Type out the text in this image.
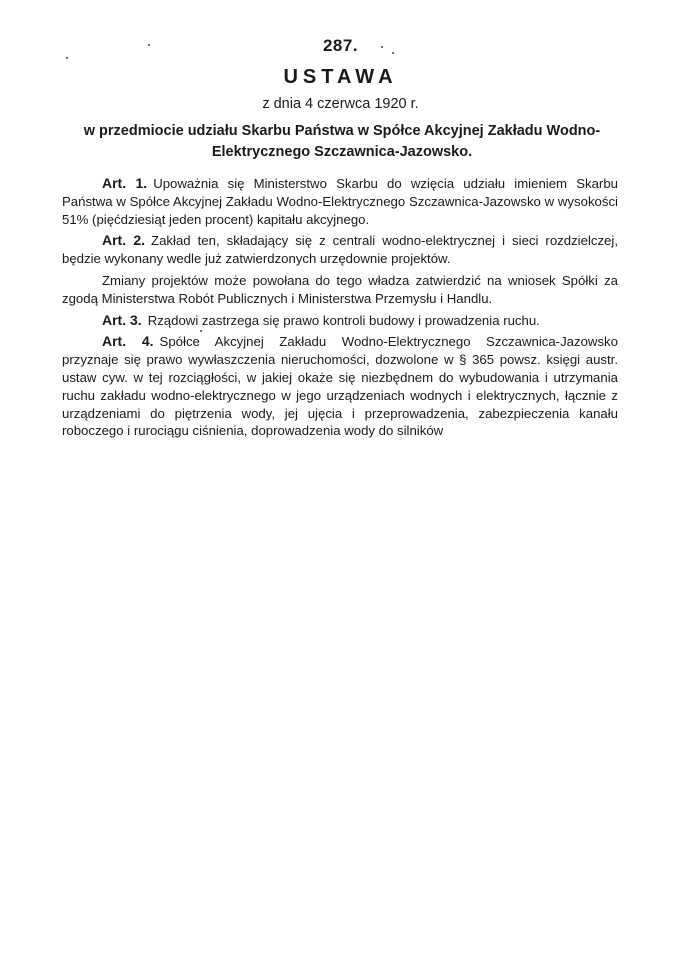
287.
USTAWA
z dnia 4 czerwca 1920 r.
w przedmiocie udziału Skarbu Państwa w Spółce Akcyjnej Zakładu Wodno-Elektrycznego Szczawnica-Jazowsko.

Art. 1. Upoważnia się Ministerstwo Skarbu do wzięcia udziału imieniem Skarbu Państwa w Spółce Akcyjnej Zakładu Wodno-Elektrycznego Szczawnica-Jazowsko w wysokości 51% (pięćdziesiąt jeden procent) kapitału akcyjnego.

Art. 2. Zakład ten, składający się z centrali wodno-elektrycznej i sieci rozdzielczej, będzie wykonany wedle już zatwierdzonych urzędownie projektów.

Zmiany projektów może powołana do tego władza zatwierdzić na wniosek Spółki za zgodą Ministerstwa Robót Publicznych i Ministerstwa Przemysłu i Handlu.

Art. 3. Rządowi zastrzega się prawo kontroli budowy i prowadzenia ruchu.

Art. 4. Spółce Akcyjnej Zakładu Wodno-Elektrycznego Szczawnica-Jazowsko przyznaje się prawo wywłaszczenia nieruchomości, dozwolone w § 365 powsz. księgi austr. ustaw cyw. w tej rozciągłości, w jakiej okaże się niezbędnem do wybudowania i utrzymania ruchu zakładu wodno-elektrycznego w jego urządzeniach wodnych i elektrycznych, łącznie z urządzeniami do piętrzenia wody, jej ujęcia i przeprowadzenia, zabezpieczenia kanału roboczego i rurociągu ciśnienia, doprowadzenia wody do silników
